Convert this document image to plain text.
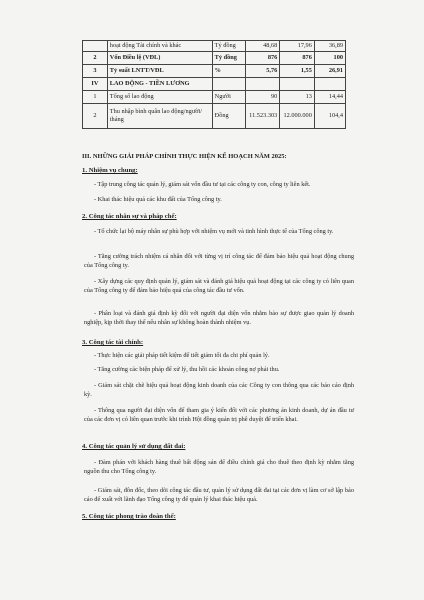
	hoạt động Tài chính và khác	Tỷ đồng	48,68	17,96	36,89
2	Vốn Điều lệ (VĐL)	Tỷ đồng	876	876	100
3	Tỷ suất LNTT/VĐL	%	5,76	1,55	26,91
IV	LAO ĐỘNG - TIỀN LƯƠNG				
1	Tổng số lao động	Người	90	13	14,44
2	Thu nhập bình quân lao động/người/ tháng	Đồng	11.523.303	12.000.000	104,4
III. NHỮNG GIẢI PHÁP CHÍNH THỰC HIỆN KẾ HOẠCH NĂM 2025:
1. Nhiệm vụ chung:
- Tập trung công tác quản lý, giám sát vốn đầu tư tại các công ty con, công ty liên kết.
- Khai thác hiệu quả các khu đất của Tổng công ty.
2. Công tác nhân sự và pháp chế:
- Tổ chức lại bộ máy nhân sự phù hợp với nhiệm vụ mới và tinh hình thực tế của Tổng công ty.
- Tăng cường trách nhiệm cá nhân đối với từng vị trí công tác để đảm bảo hiệu quả hoạt động chung của Tổng công ty.
- Xây dựng các quy định quản lý, giám sát và đánh giá hiệu quả hoạt động tại các công ty có liên quan của Tổng công ty để đảm bảo hiệu quả của công tác đầu tư vốn.
- Phân loại và đánh giá định kỳ đối với người đại diện vốn nhằm bảo sự được giao quản lý doanh nghiệp, kịp thời thay thế nếu nhân sự không hoàn thành nhiệm vụ.
3. Công tác tài chính:
- Thực hiện các giải pháp tiết kiệm để tiết giảm tối đa chi phí quản lý.
- Tăng cường các biện pháp để xử lý, thu hồi các khoản công nợ phải thu.
- Giám sát chặt chẽ hiệu quả hoạt động kinh doanh của các Công ty con thông qua các báo cáo định kỳ.
- Thông qua người đại diện vốn để tham gia ý kiến đối với các phương án kinh doanh, dự án đầu tư của các đơn vị có liên quan trước khi trình Hội đồng quản trị phê duyệt để triển khai.
4. Công tác quản lý sử dụng đất đai:
- Đàm phán với khách hàng thuê bất động sản để điều chỉnh giá cho thuê theo định kỳ nhằm tăng nguồn thu cho Tổng công ty.
- Giám sát, đôn đốc, theo dõi công tác đầu tư, quản lý sử dụng đất đai tại các đơn vị làm cơ sở lập báo cáo để xuất với lãnh đạo Tổng công ty để quản lý khai thác hiệu quả.
5. Công tác phong trào đoàn thể:
